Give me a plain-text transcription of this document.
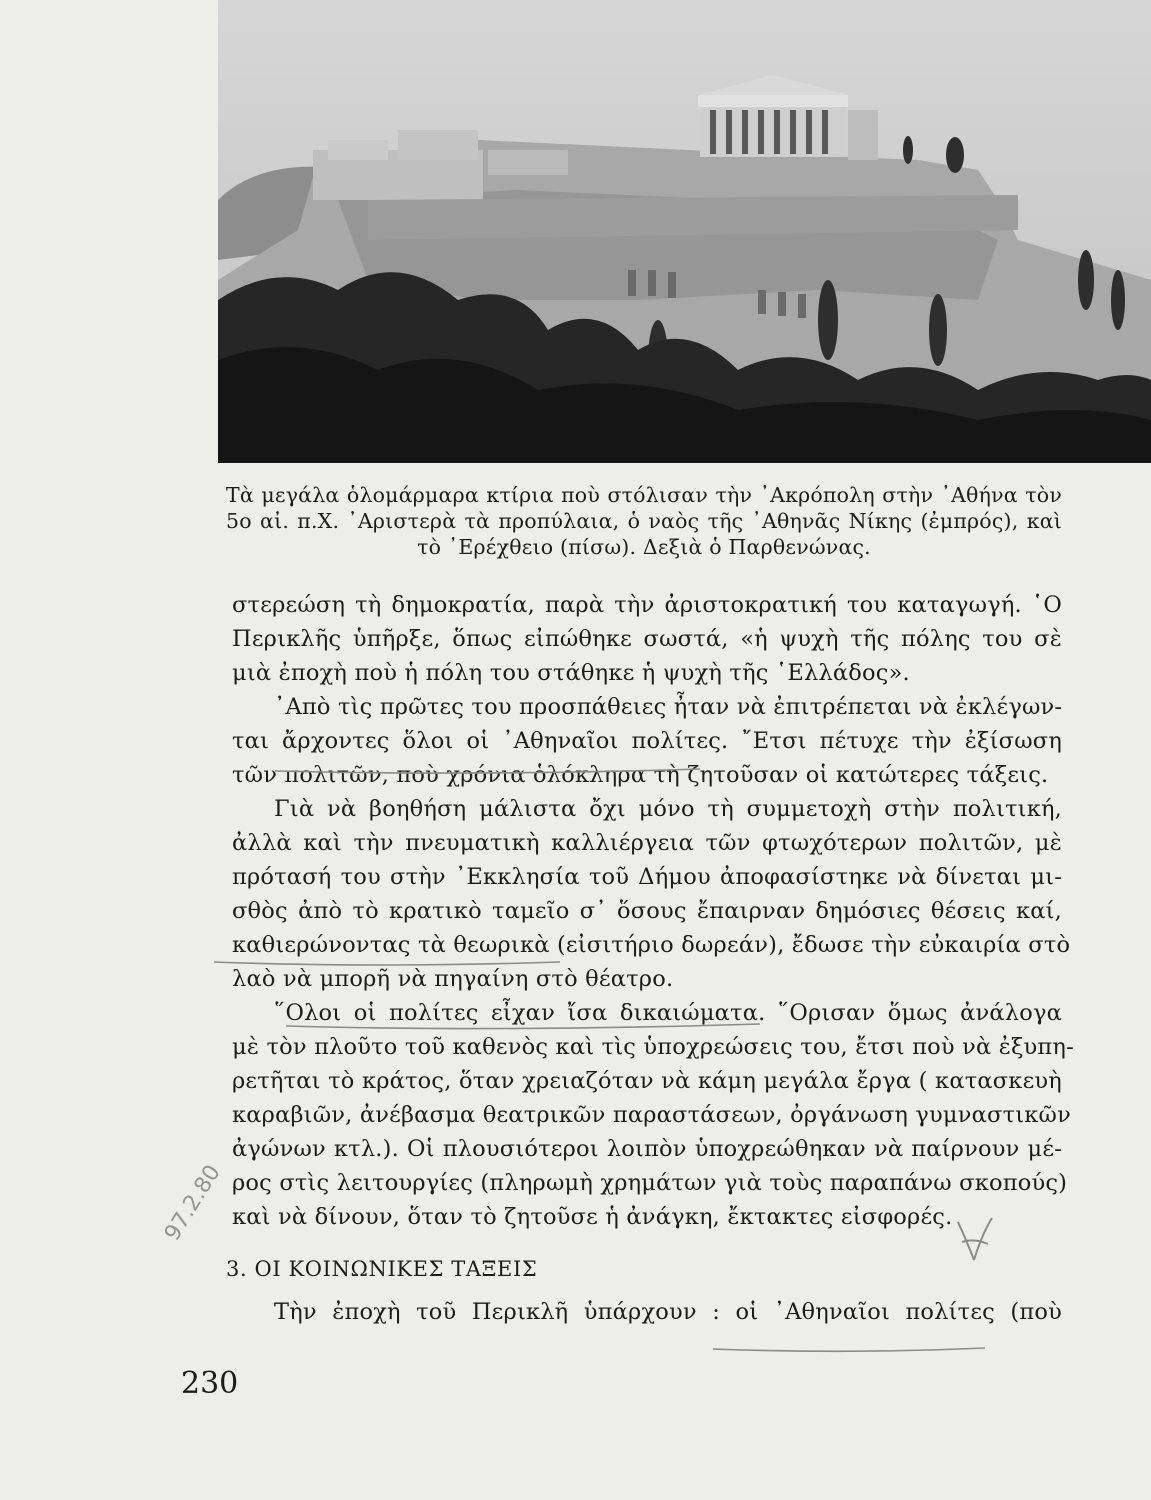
Τὰ μεγάλα ὁλομάρμαρα κτίρια ποὺ στόλισαν τὴν ᾿Ακρόπολη στὴν ᾿Αθήνα τὸν

5ο αἰ. π.Χ. ᾿Αριστερὰ τὰ προπύλαια, ὁ ναὸς τῆς ᾿Αθηνᾶς Νίκης (ἐμπρός), καὶ

τὸ ᾿Ερέχθειο (πίσω). Δεξιὰ ὁ Παρθενώνας.

στερεώση τὴ δημοκρατία, παρὰ τὴν ἀριστοκρατική του καταγωγή. ῾Ο

Περικλῆς ὑπῆρξε, ὅπως εἰπώθηκε σωστά, «ἡ ψυχὴ τῆς πόλης του σὲ

μιὰ ἐποχὴ ποὺ ἡ πόλη του στάθηκε ἡ ψυχὴ τῆς ῾Ελλάδος».

᾿Απὸ τὶς πρῶτες του προσπάθειες ἦταν νὰ ἐπιτρέπεται νὰ ἐκλέγων-

ται ἄρχοντες ὅλοι οἱ ᾿Αθηναῖοι πολίτες. ῎Ετσι πέτυχε τὴν ἐξίσωση

τῶν πολιτῶν, ποὺ χρόνια ὁλόκληρα τὴ ζητοῦσαν οἱ κατώτερες τάξεις.

Γιὰ νὰ βοηθήση μάλιστα ὄχι μόνο τὴ συμμετοχὴ στὴν πολιτική,

ἀλλὰ καὶ τὴν πνευματικὴ καλλιέργεια τῶν φτωχότερων πολιτῶν, μὲ

πρότασή του στὴν ᾿Εκκλησία τοῦ Δήμου ἀποφασίστηκε νὰ δίνεται μι-

σθὸς ἀπὸ τὸ κρατικὸ ταμεῖο σ᾿ ὅσους ἔπαιρναν δημόσιες θέσεις καί,

καθιερώνοντας τὰ θεωρικὰ (εἰσιτήριο δωρεάν), ἔδωσε τὴν εὐκαιρία στὸ

λαὸ νὰ μπορῆ νὰ πηγαίνη στὸ θέατρο.

῞Ολοι οἱ πολίτες εἶχαν ἴσα δικαιώματα. ῞Ορισαν ὅμως ἀνάλογα

μὲ τὸν πλοῦτο τοῦ καθενὸς καὶ τὶς ὑποχρεώσεις του, ἔτσι ποὺ νὰ ἐξυπη-

ρετῆται τὸ κράτος, ὅταν χρειαζόταν νὰ κάμη μεγάλα ἔργα ( κατασκευὴ

καραβιῶν, ἀνέβασμα θεατρικῶν παραστάσεων, ὀργάνωση γυμναστικῶν

ἀγώνων κτλ.). Οἱ πλουσιότεροι λοιπὸν ὑποχρεώθηκαν νὰ παίρνουν μέ-

ρος στὶς λειτουργίες (πληρωμὴ χρημάτων γιὰ τοὺς παραπάνω σκοπούς)

καὶ νὰ δίνουν, ὅταν τὸ ζητοῦσε ἡ ἀνάγκη, ἔκτακτες εἰσφορές.

3. ΟΙ ΚΟΙΝΩΝΙΚΕΣ ΤΑΞΕΙΣ

Τὴν ἐποχὴ τοῦ Περικλῆ ὑπάρχουν : οἱ ᾿Αθηναῖοι πολίτες (ποὺ

230
97.2.80
